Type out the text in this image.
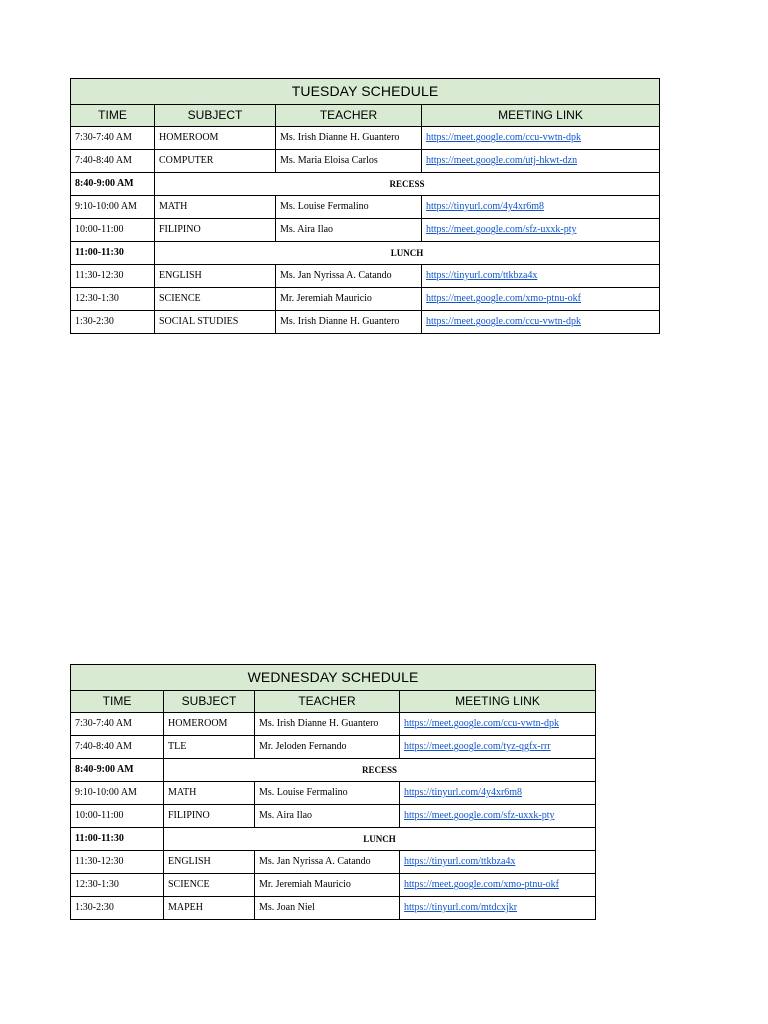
TUESDAY SCHEDULE			
TIME	SUBJECT	TEACHER	MEETING LINK
7:30-7:40 AM	HOMEROOM	Ms. Irish Dianne H. Guantero	https://meet.google.com/ccu-vwtn-dpk
7:40-8:40 AM	COMPUTER	Ms. Maria Eloisa Carlos	https://meet.google.com/utj-hkwt-dzn
8:40-9:00 AM	RECESS		
9:10-10:00 AM	MATH	Ms. Louise Fermalino	https://tinyurl.com/4y4xr6m8
10:00-11:00	FILIPINO	Ms. Aira Ilao	https://meet.google.com/sfz-uxxk-pty
11:00-11:30	LUNCH		
11:30-12:30	ENGLISH	Ms. Jan Nyrissa A. Catando	https://tinyurl.com/ttkbza4x
12:30-1:30	SCIENCE	Mr. Jeremiah Mauricio	https://meet.google.com/xmo-ptnu-okf
1:30-2:30	SOCIAL STUDIES	Ms. Irish Dianne H. Guantero	https://meet.google.com/ccu-vwtn-dpk
WEDNESDAY SCHEDULE			
TIME	SUBJECT	TEACHER	MEETING LINK
7:30-7:40 AM	HOMEROOM	Ms. Irish Dianne H. Guantero	https://meet.google.com/ccu-vwtn-dpk
7:40-8:40 AM	TLE	Mr. Jeloden Fernando	https://meet.google.com/tyz-qgfx-rrr
8:40-9:00 AM	RECESS		
9:10-10:00 AM	MATH	Ms. Louise Fermalino	https://tinyurl.com/4y4xr6m8
10:00-11:00	FILIPINO	Ms. Aira Ilao	https://meet.google.com/sfz-uxxk-pty
11:00-11:30	LUNCH		
11:30-12:30	ENGLISH	Ms. Jan Nyrissa A. Catando	https://tinyurl.com/ttkbza4x
12:30-1:30	SCIENCE	Mr. Jeremiah Mauricio	https://meet.google.com/xmo-ptnu-okf
1:30-2:30	MAPEH	Ms. Joan Niel	https://tinyurl.com/mtdcxjkr
